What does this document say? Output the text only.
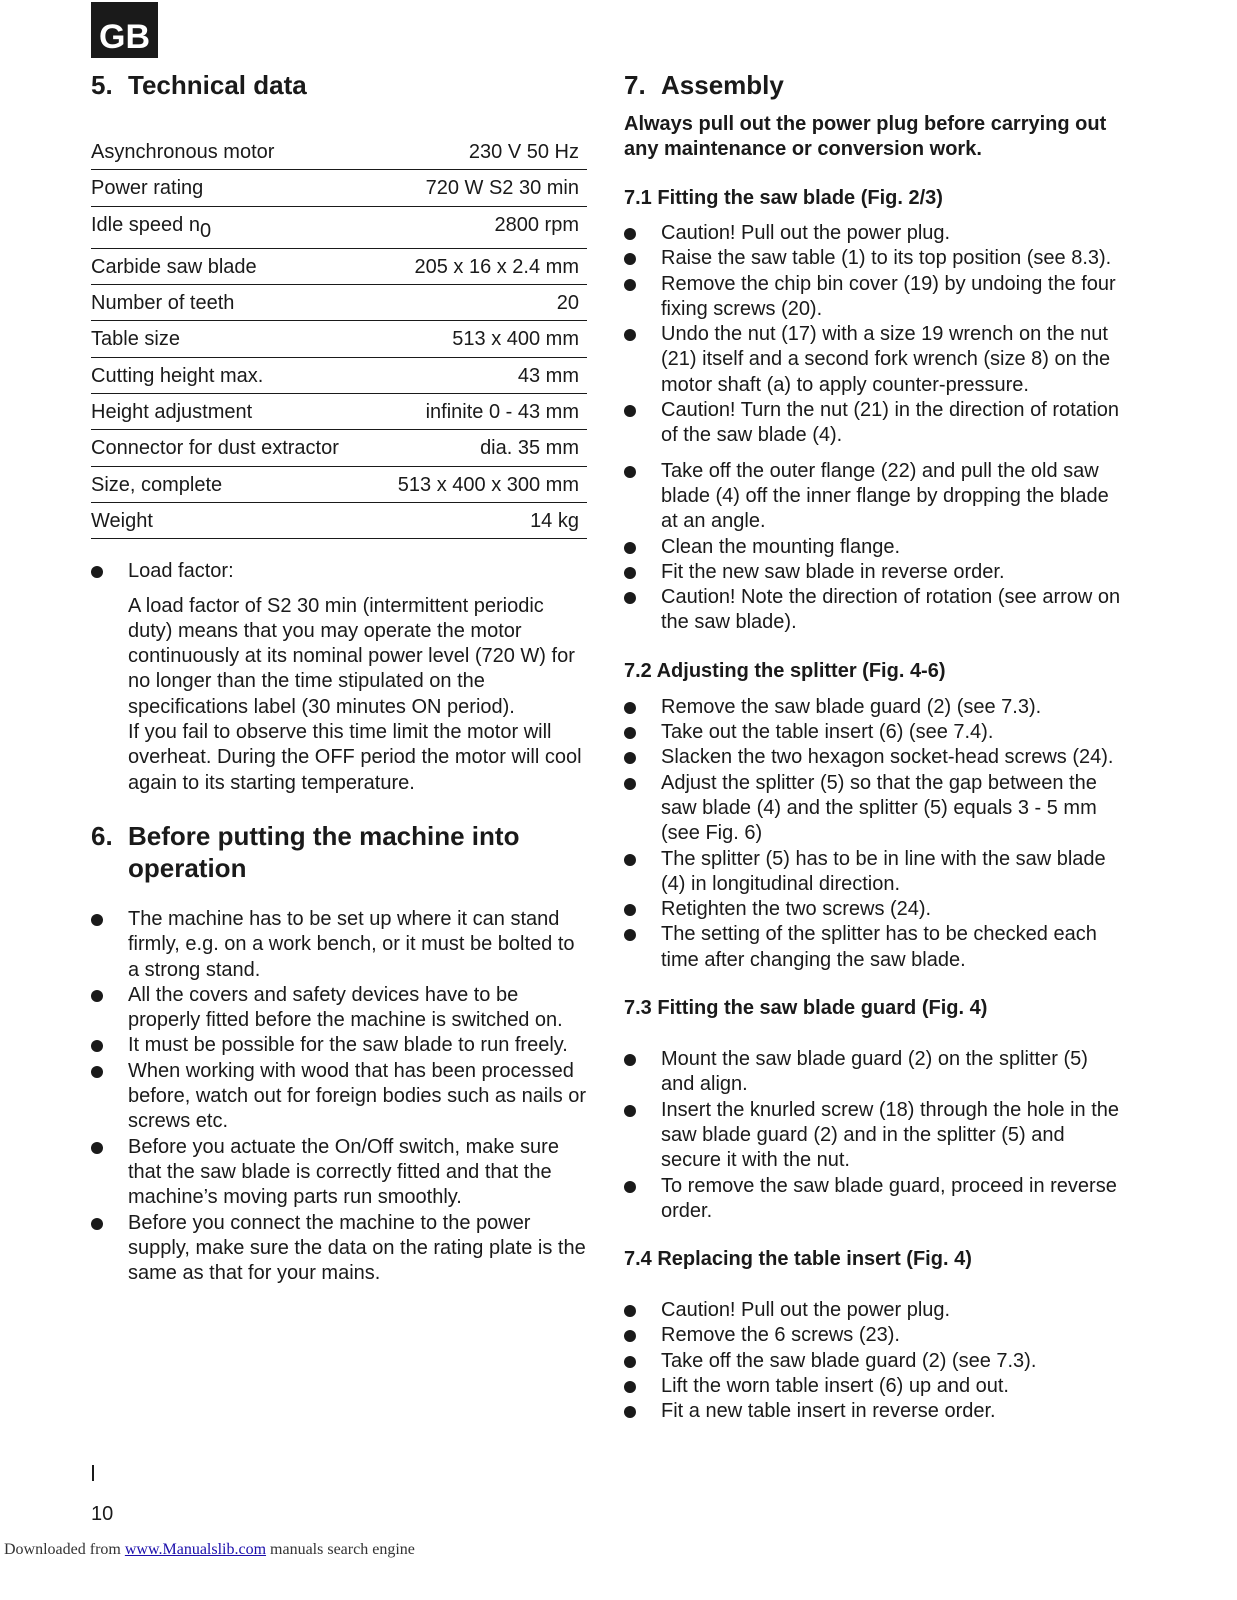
GB
5. Technical data
Asynchronous motor	230 V 50 Hz
Power rating	720 W S2 30 min
Idle speed $n_0$	2800 rpm
Carbide saw blade	205 x 16 x 2.4 mm
Number of teeth	20
Table size	513 x 400 mm
Cutting height max.	43 mm
Height adjustment	infinite 0 - 43 mm
Connector for dust extractor	dia. 35 mm
Size, complete	513 x 400 x 300 mm
Weight	14 kg
Load factor:

A load factor of S2 30 min (intermittent periodic duty) means that you may operate the motor continuously at its nominal power level (720 W) for no longer than the time stipulated on the specifications label (30 minutes ON period).

If you fail to observe this time limit the motor will overheat. During the OFF period the motor will cool again to its starting temperature.

6. Before putting the machine into operation
The machine has to be set up where it can stand firmly, e.g. on a work bench, or it must be bolted to a strong stand.
All the covers and safety devices have to be properly fitted before the machine is switched on.
It must be possible for the saw blade to run freely.
When working with wood that has been processed before, watch out for foreign bodies such as nails or screws etc.
Before you actuate the On/Off switch, make sure that the saw blade is correctly fitted and that the machine’s moving parts run smoothly.
Before you connect the machine to the power supply, make sure the data on the rating plate is the same as that for your mains.
7. Assembly

Always pull out the power plug before carrying out any maintenance or conversion work.

7.1 Fitting the saw blade (Fig. 2/3)
Caution! Pull out the power plug.
Raise the saw table (1) to its top position (see 8.3).
Remove the chip bin cover (19) by undoing the four fixing screws (20).
Undo the nut (17) with a size 19 wrench on the nut (21) itself and a second fork wrench (size 8) on the motor shaft (a) to apply counter-pressure.
Caution! Turn the nut (21) in the direction of rotation of the saw blade (4).
Take off the outer flange (22) and pull the old saw blade (4) off the inner flange by dropping the blade at an angle.
Clean the mounting flange.
Fit the new saw blade in reverse order.
Caution! Note the direction of rotation (see arrow on the saw blade).
7.2 Adjusting the splitter (Fig. 4-6)
Remove the saw blade guard (2) (see 7.3).
Take out the table insert (6) (see 7.4).
Slacken the two hexagon socket-head screws (24).
Adjust the splitter (5) so that the gap between the saw blade (4) and the splitter (5) equals 3 - 5 mm (see Fig. 6)
The splitter (5) has to be in line with the saw blade (4) in longitudinal direction.
Retighten the two screws (24).
The setting of the splitter has to be checked each time after changing the saw blade.
7.3 Fitting the saw blade guard (Fig. 4)
Mount the saw blade guard (2) on the splitter (5) and align.
Insert the knurled screw (18) through the hole in the saw blade guard (2) and in the splitter (5) and secure it with the nut.
To remove the saw blade guard, proceed in reverse order.
7.4 Replacing the table insert (Fig. 4)
Caution! Pull out the power plug.
Remove the 6 screws (23).
Take off the saw blade guard (2) (see 7.3).
Lift the worn table insert (6) up and out.
Fit a new table insert in reverse order.
10
Downloaded from www.Manualslib.com manuals search engine
